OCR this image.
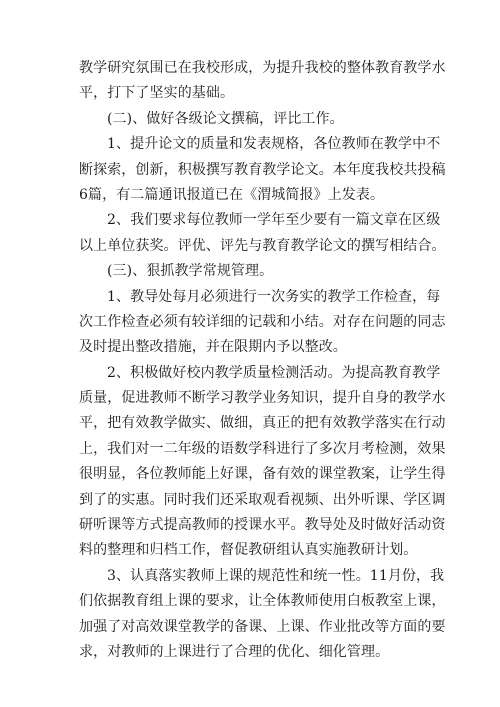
教学研究氛围已在我校形成，为提升我校的整体教育教学水
平，打下了坚实的基础。
(二)、做好各级论文撰稿，评比工作。
1、提升论文的质量和发表规格，各位教师在教学中不
断探索，创新，积极撰写教育教学论文。本年度我校共投稿
6篇，有二篇通讯报道已在《渭城简报》上发表。
2、我们要求每位教师一学年至少要有一篇文章在区级
以上单位获奖。评优、评先与教育教学论文的撰写相结合。
(三)、狠抓教学常规管理。
1、教导处每月必须进行一次务实的教学工作检查，每
次工作检查必须有较详细的记载和小结。对存在问题的同志
及时提出整改措施，并在限期内予以整改。
2、积极做好校内教学质量检测活动。为提高教育教学
质量，促进教师不断学习教学业务知识，提升自身的教学水
平，把有效教学做实、做细，真正的把有效教学落实在行动
上，我们对一二年级的语数学科进行了多次月考检测，效果
很明显，各位教师能上好课，备有效的课堂教案，让学生得
到了的实惠。同时我们还采取观看视频、出外听课、学区调
研听课等方式提高教师的授课水平。教导处及时做好活动资
料的整理和归档工作，督促教研组认真实施教研计划。
3、认真落实教师上课的规范性和统一性。11月份，我
们依据教育组上课的要求，让全体教师使用白板教室上课，
加强了对高效课堂教学的备课、上课、作业批改等方面的要
求，对教师的上课进行了合理的优化、细化管理。
